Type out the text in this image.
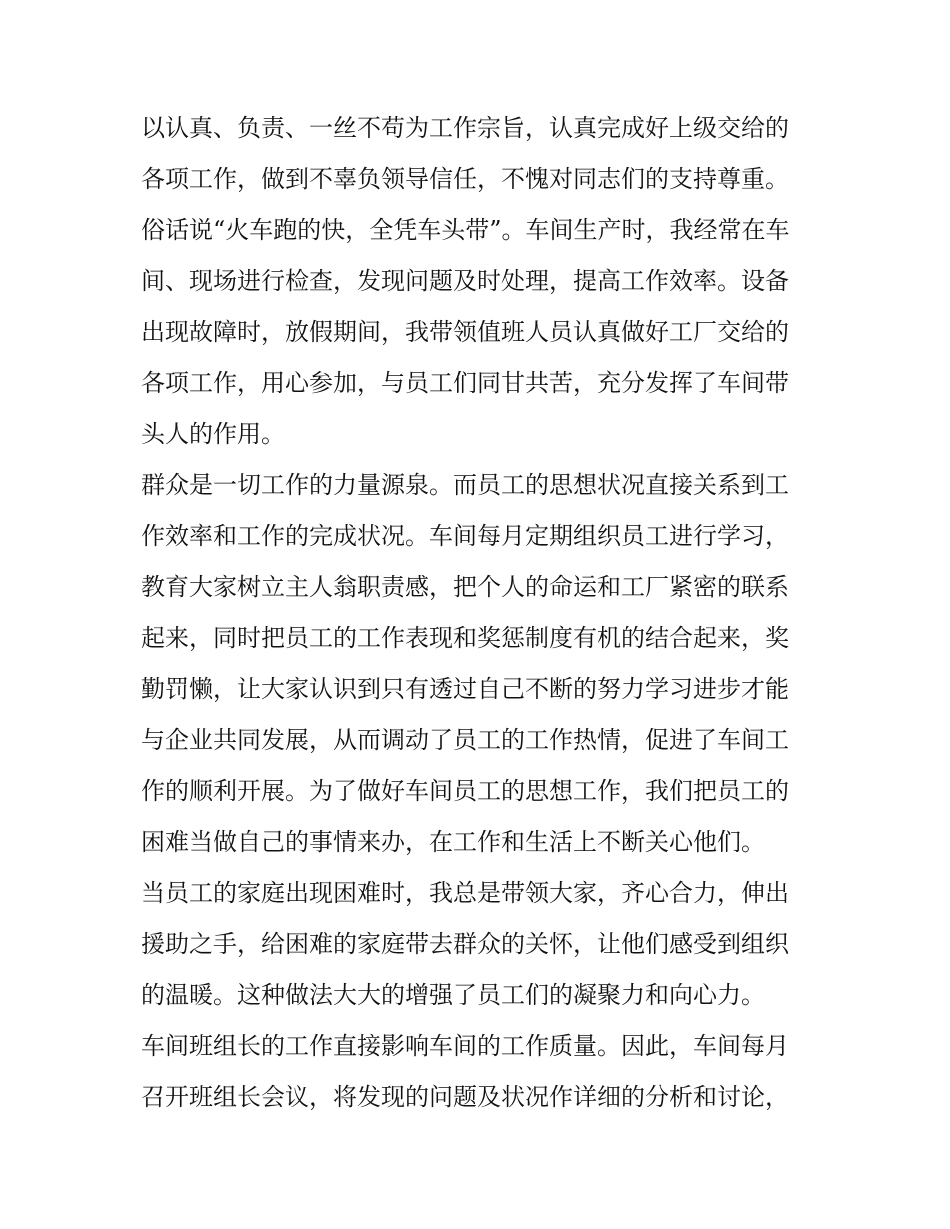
以认真、负责、一丝不苟为工作宗旨，认真完成好上级交给的
各项工作，做到不辜负领导信任，不愧对同志们的支持尊重。
俗话说“火车跑的快，全凭车头带”。车间生产时，我经常在车
间、现场进行检查，发现问题及时处理，提高工作效率。设备
出现故障时，放假期间，我带领值班人员认真做好工厂交给的
各项工作，用心参加，与员工们同甘共苦，充分发挥了车间带
头人的作用。
群众是一切工作的力量源泉。而员工的思想状况直接关系到工
作效率和工作的完成状况。车间每月定期组织员工进行学习，
教育大家树立主人翁职责感，把个人的命运和工厂紧密的联系
起来，同时把员工的工作表现和奖惩制度有机的结合起来，奖
勤罚懒，让大家认识到只有透过自己不断的努力学习进步才能
与企业共同发展，从而调动了员工的工作热情，促进了车间工
作的顺利开展。为了做好车间员工的思想工作，我们把员工的
困难当做自己的事情来办，在工作和生活上不断关心他们。
当员工的家庭出现困难时，我总是带领大家，齐心合力，伸出
援助之手，给困难的家庭带去群众的关怀，让他们感受到组织
的温暖。这种做法大大的增强了员工们的凝聚力和向心力。
车间班组长的工作直接影响车间的工作质量。因此，车间每月
召开班组长会议，将发现的问题及状况作详细的分析和讨论，
